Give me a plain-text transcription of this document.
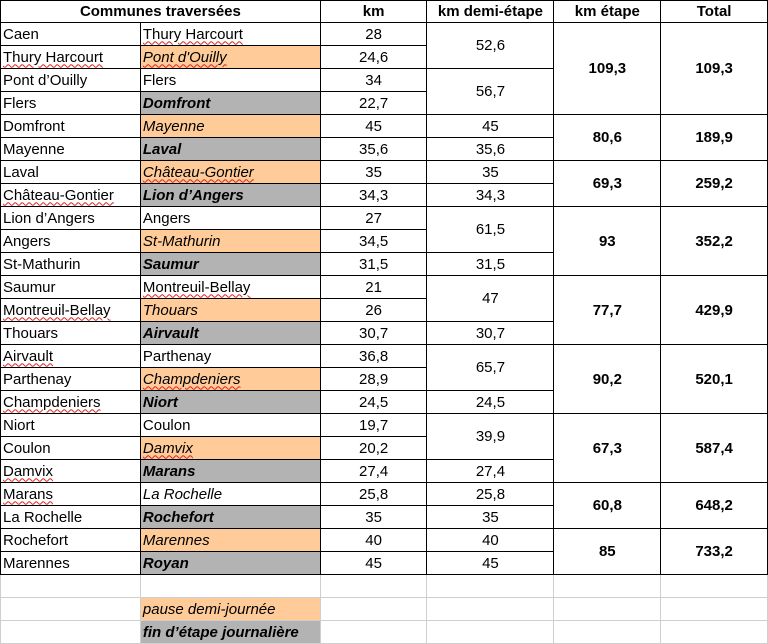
Communes traversées		km	km demi-étape	km étape	Total
Caen	Thury Harcourt	28	52,6	109,3	109,3
Thury Harcourt	Pont d'Ouilly	24,6			
Pont d’Ouilly	Flers	34	56,7		
Flers	Domfront	22,7			
Domfront	Mayenne	45	45	80,6	189,9
Mayenne	Laval	35,6	35,6		
Laval	Château-Gontier	35	35	69,3	259,2
Château-Gontier	Lion d’Angers	34,3	34,3		
Lion d’Angers	Angers	27	61,5	93	352,2
Angers	St-Mathurin	34,5			
St-Mathurin	Saumur	31,5	31,5		
Saumur	Montreuil-Bellay	21	47	77,7	429,9
Montreuil-Bellay	Thouars	26			
Thouars	Airvault	30,7	30,7		
Airvault	Parthenay	36,8	65,7	90,2	520,1
Parthenay	Champdeniers	28,9			
Champdeniers	Niort	24,5	24,5		
Niort	Coulon	19,7	39,9	67,3	587,4
Coulon	Damvix	20,2			
Damvix	Marans	27,4	27,4		
Marans	La Rochelle	25,8	25,8	60,8	648,2
La Rochelle	Rochefort	35	35		
Rochefort	Marennes	40	40	85	733,2
Marennes	Royan	45	45		

	pause demi-journée				
	fin d’étape journalière				
